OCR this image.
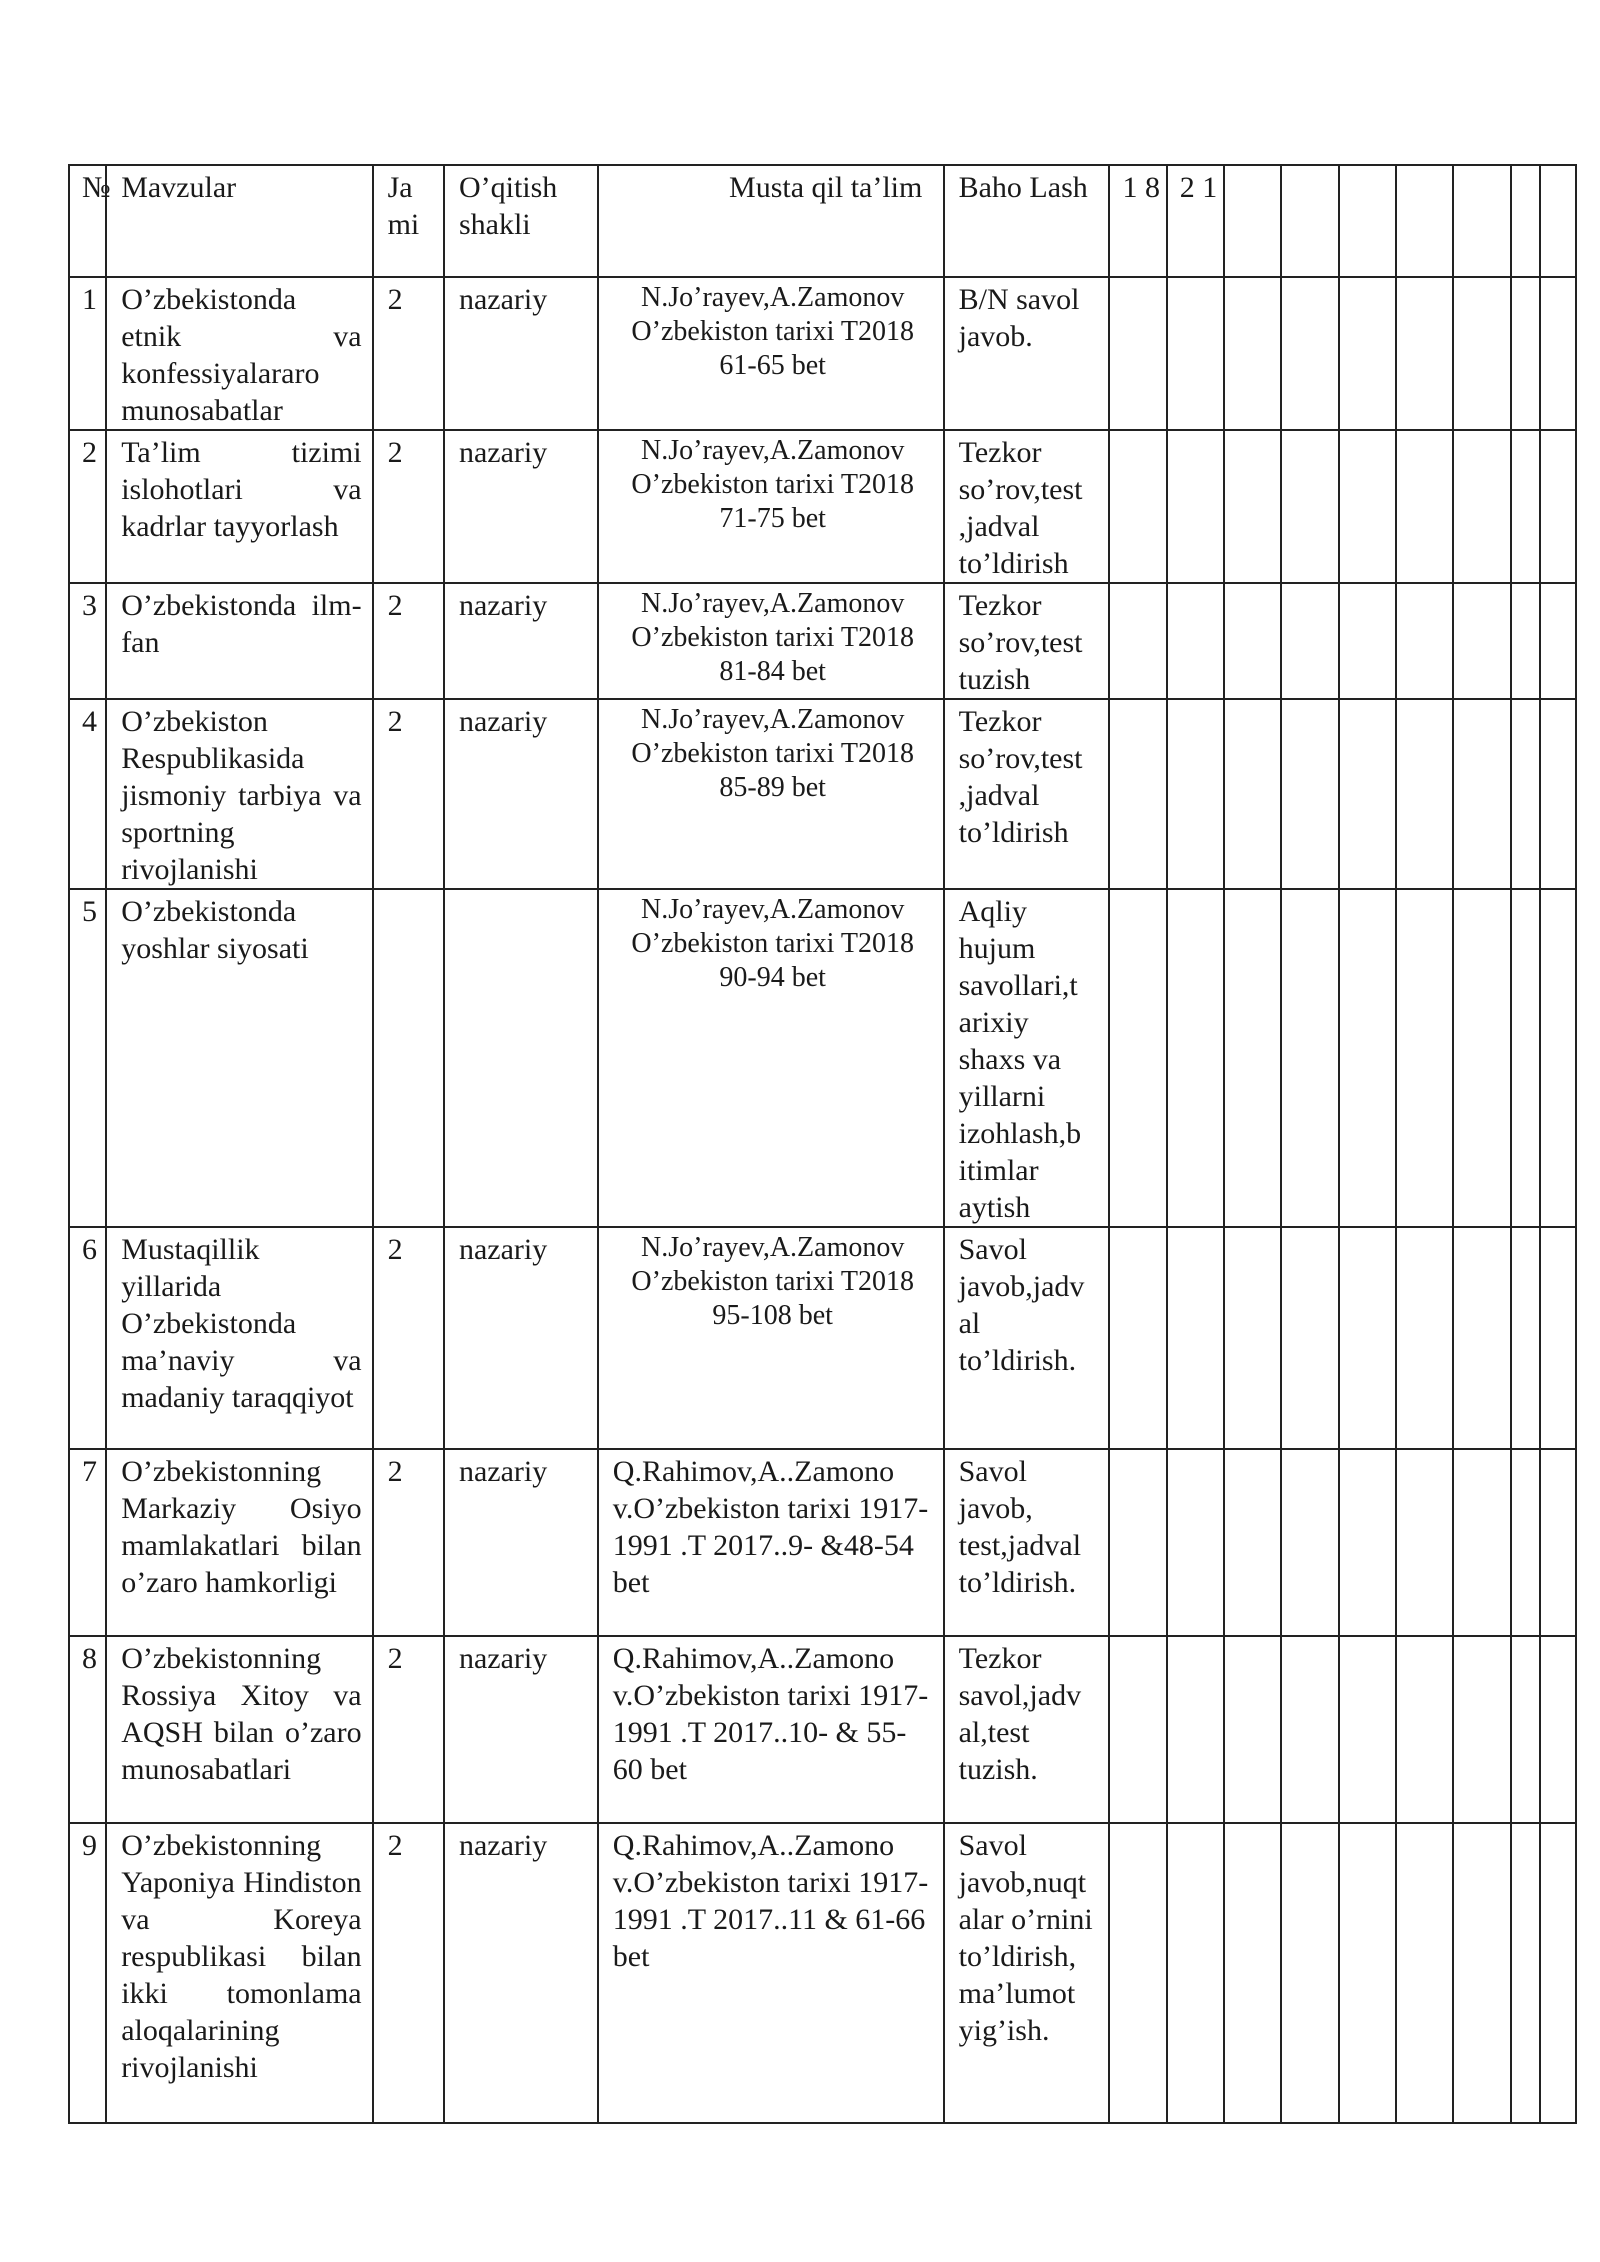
№	Mavzular	Ja mi	O’qitish shakli	Musta qil ta’lim	Baho Lash	1 8	2 1							
1	O’zbekistonda etnik va konfessiyalararo munosabatlar	2	nazariy	N.Jo’rayev,A.Zamonov O’zbekiston tarixi T2018 61-65 bet	B/N savol javob.									
2	Ta’lim tizimi islohotlari va kadrlar tayyorlash	2	nazariy	N.Jo’rayev,A.Zamonov O’zbekiston tarixi T2018 71-75 bet	Tezkor so’rov,test ,jadval to’ldirish									
3	O’zbekistonda ilm-fan	2	nazariy	N.Jo’rayev,A.Zamonov O’zbekiston tarixi T2018 81-84 bet	Tezkor so’rov,test tuzish									
4	O’zbekiston Respublikasida jismoniy tarbiya va sportning rivojlanishi	2	nazariy	N.Jo’rayev,A.Zamonov O’zbekiston tarixi T2018 85-89 bet	Tezkor so’rov,test ,jadval to’ldirish									
5	O’zbekistonda yoshlar siyosati			N.Jo’rayev,A.Zamonov O’zbekiston tarixi T2018 90-94 bet	Aqliy hujum savollari,t arixiy shaxs va yillarni izohlash,b itimlar aytish									
6	Mustaqillik yillarida O’zbekistonda ma’naviy va madaniy taraqqiyot	2	nazariy	N.Jo’rayev,A.Zamonov O’zbekiston tarixi T2018 95-108 bet	Savol javob,jadv al to’ldirish.									
7	O’zbekistonning Markaziy Osiyo mamlakatlari bilan o’zaro hamkorligi	2	nazariy	Q.Rahimov,A..Zamono v.O’zbekiston tarixi 1917-1991 .T 2017..9- &48-54 bet	Savol javob, test,jadval to’ldirish.									
8	O’zbekistonning Rossiya Xitoy va AQSH bilan o’zaro munosabatlari	2	nazariy	Q.Rahimov,A..Zamono v.O’zbekiston tarixi 1917-1991 .T 2017..10- & 55-60 bet	Tezkor savol,jadv al,test tuzish.									
9	O’zbekistonning Yaponiya Hindiston va Koreya respublikasi bilan ikki tomonlama aloqalarining rivojlanishi	2	nazariy	Q.Rahimov,A..Zamono v.O’zbekiston tarixi 1917-1991 .T 2017..11 & 61-66 bet	Savol javob,nuqt alar o’rnini to’ldirish, ma’lumot yig’ish.									
